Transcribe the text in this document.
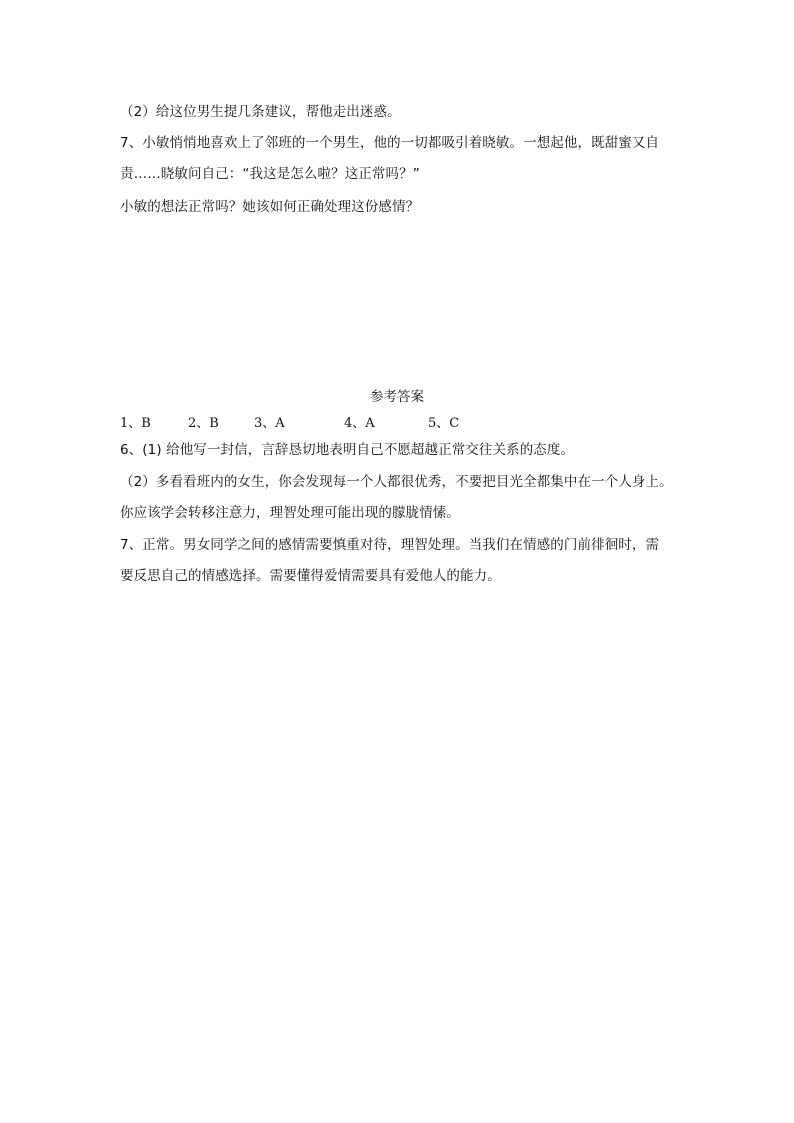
（2）给这位男生提几条建议，帮他走出迷惑。
7、小敏悄悄地喜欢上了邻班的一个男生，他的一切都吸引着晓敏。一想起他，既甜蜜又自
责……晓敏问自己：“我这是怎么啦？这正常吗？”
小敏的想法正常吗？她该如何正确处理这份感情？
参考答案
1、B	2、B	3、A	4、A	5、C
6、(1) 给他写一封信，言辞恳切地表明自己不愿超越正常交往关系的态度。
（2）多看看班内的女生，你会发现每一个人都很优秀，不要把目光全都集中在一个人身上。
你应该学会转移注意力，理智处理可能出现的朦胧情愫。
7、正常。男女同学之间的感情需要慎重对待，理智处理。当我们在情感的门前徘徊时，需
要反思自己的情感选择。需要懂得爱情需要具有爱他人的能力。
